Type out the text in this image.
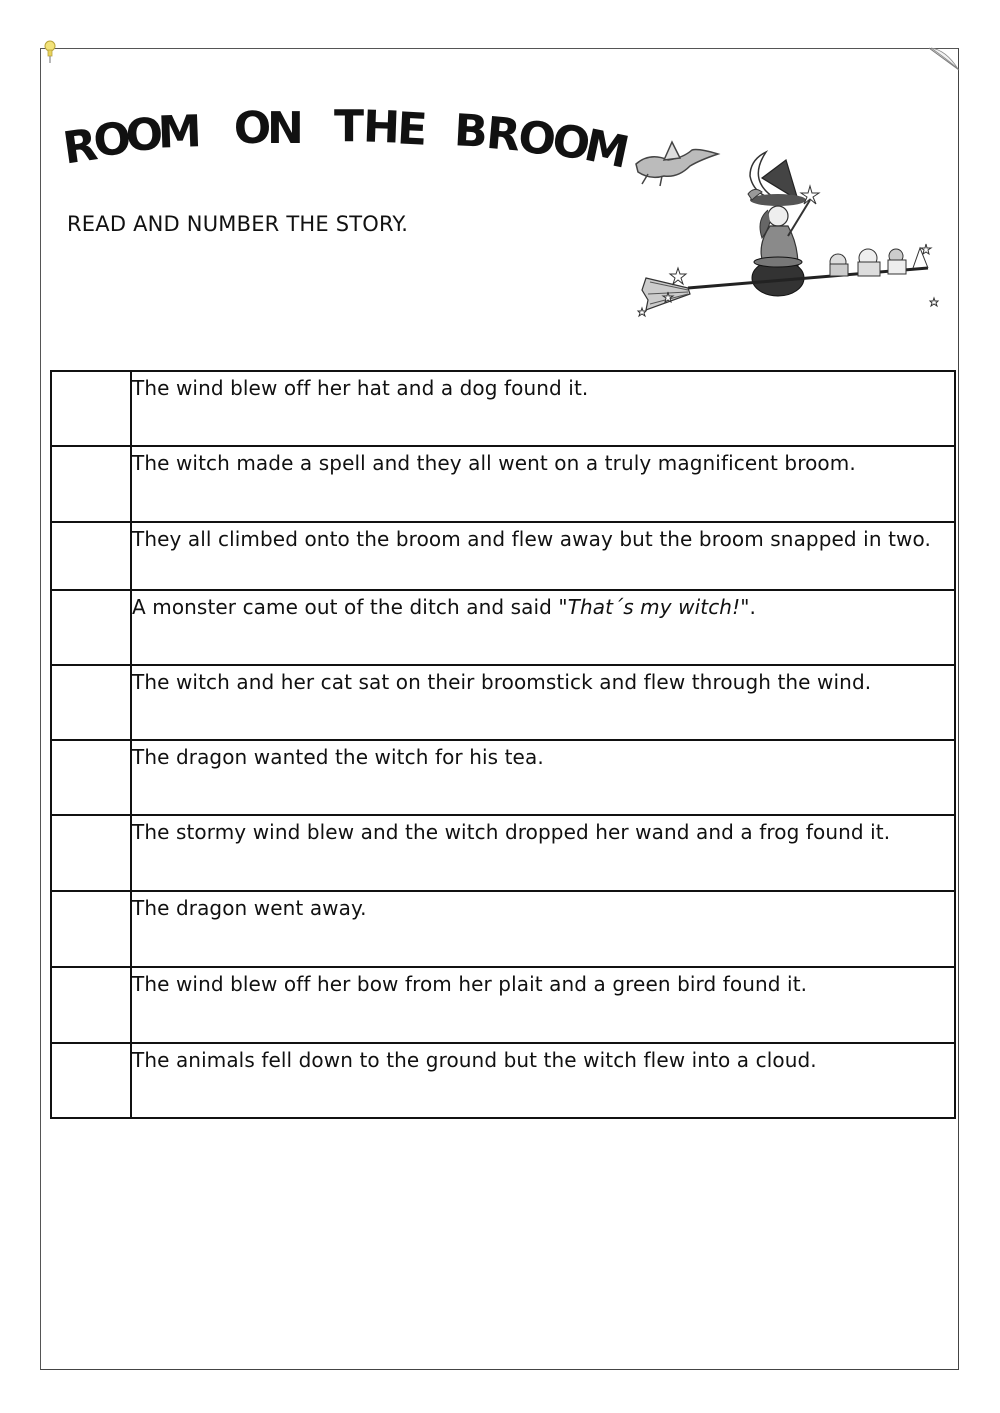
R
O
O
M O
N T
H
E B
R
O
O
M
READ AND NUMBER THE STORY.
	The wind blew off her hat and a dog found it.
	The witch made a spell and they all went on a truly magnificent broom.
	They all climbed onto the broom and flew away but the broom snapped in two.
	A monster came out of the ditch and said "That´s my witch!".
	The witch and her cat sat on their broomstick and flew through the wind.
	The dragon wanted the witch for his tea.
	The stormy wind blew and the witch dropped her wand and a frog found it.
	The dragon went away.
	The wind blew off her bow from her plait and a green bird found it.
	The animals fell down to the ground but the witch flew into a cloud.
